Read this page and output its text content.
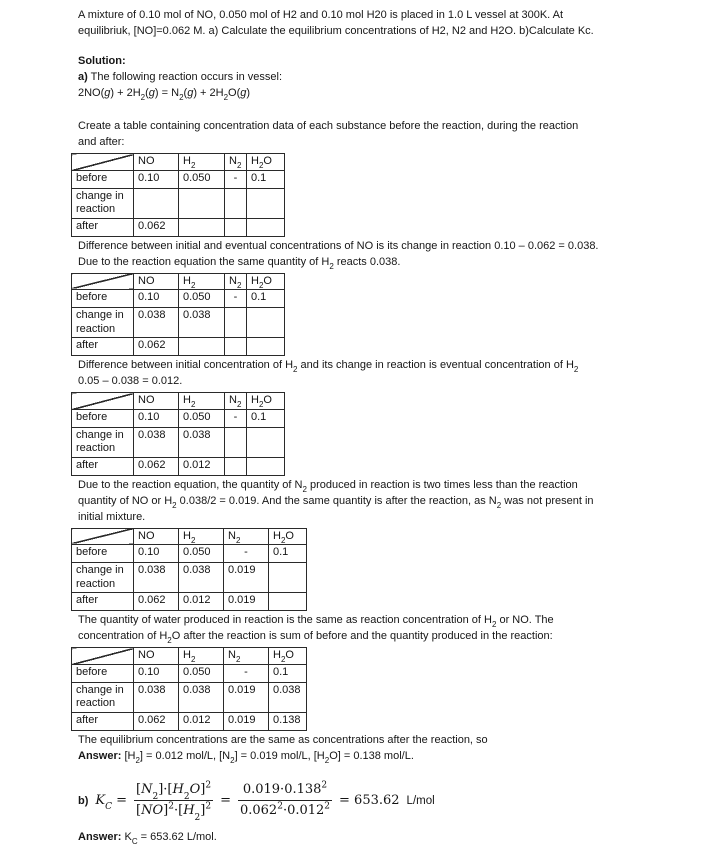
A mixture of 0.10 mol of NO, 0.050 mol of H2 and 0.10 mol H20 is placed in 1.0 L vessel at 300K. At
equilibriuk, [NO]=0.062 M. a) Calculate the equilibrium concentrations of H2, N2 and H2O. b)Calculate Kc.

Solution:

a) The following reaction occurs in vessel:

$2NO(g) + 2H_2(g) = N_2(g) + 2H_2O(g)$

Create a table containing concentration data of each substance before the reaction, during the reaction
and after:

	NO	$H_2$	$N_2$	$H_2O$
before	0.10	0.050	-	0.1
change in reaction				
after	0.062			

Difference between initial and eventual concentrations of NO is its change in reaction 0.10 – 0.062 = 0.038.
Due to the reaction equation the same quantity of $H_2$ reacts 0.038.

	NO	$H_2$	$N_2$	$H_2O$
before	0.10	0.050	-	0.1
change in reaction	0.038	0.038		
after	0.062			

Difference between initial concentration of $H_2$ and its change in reaction is eventual concentration of $H_2$
0.05 – 0.038 = 0.012.

	NO	$H_2$	$N_2$	$H_2O$
before	0.10	0.050	-	0.1
change in reaction	0.038	0.038		
after	0.062	0.012		

Due to the reaction equation, the quantity of $N_2$ produced in reaction is two times less than the reaction
quantity of NO or $H_2$ 0.038/2 = 0.019. And the same quantity is after the reaction, as $N_2$ was not present in
initial mixture.

	NO	$H_2$	$N_2$	$H_2O$
before	0.10	0.050	-	0.1
change in reaction	0.038	0.038	0.019	
after	0.062	0.012	0.019	

The quantity of water produced in reaction is the same as reaction concentration of $H_2$ or NO. The
concentration of $H_2O$ after the reaction is sum of before and the quantity produced in the reaction:

	NO	$H_2$	$N_2$	$H_2O$
before	0.10	0.050	-	0.1
change in reaction	0.038	0.038	0.019	0.038
after	0.062	0.012	0.019	0.138

The equilibrium concentrations are the same as concentrations after the reaction, so

Answer: $[H_2] = 0.012$ mol/L, $[N_2] = 0.019$ mol/L, $[H_2O] = 0.138$ mol/L.

b) $K_C = \frac{[N_2]\cdot[H_2O]^2}{[NO]^2\cdot[H_2]^2} = \frac{0.019\cdot 0.138^2}{0.062^2\cdot 0.012^2} = 653.62$ L/mol

Answer: $K_C = 653.62$ L/mol.
